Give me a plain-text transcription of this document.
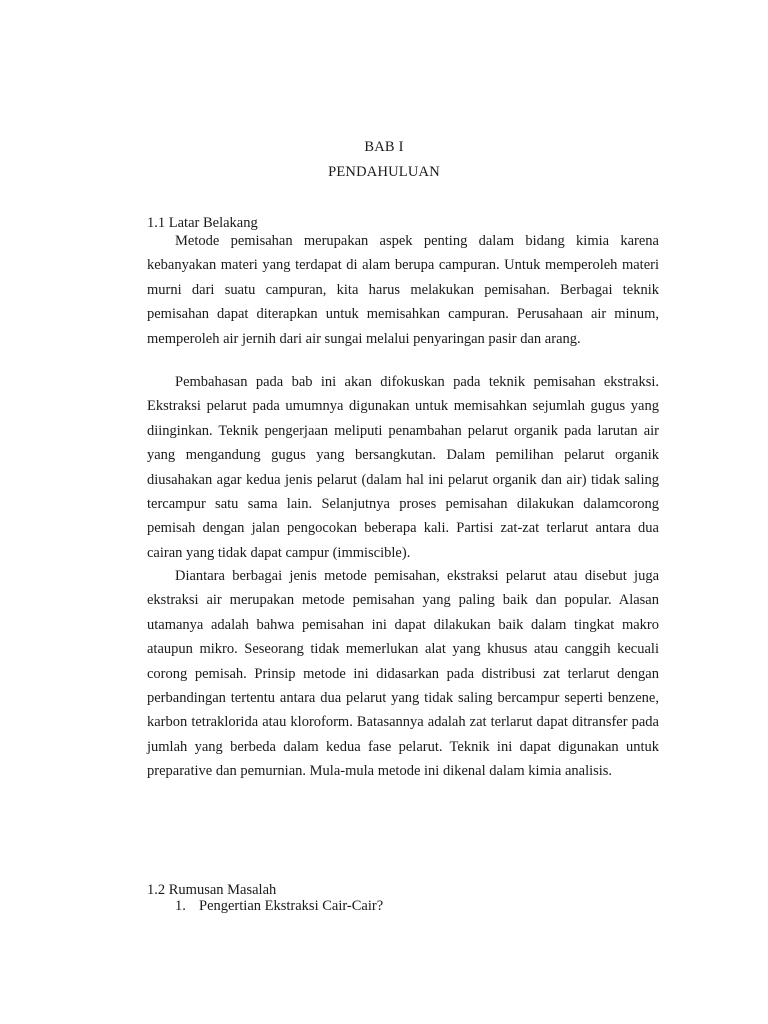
BAB I
PENDAHULUAN
1.1 Latar Belakang

Metode pemisahan merupakan aspek penting dalam bidang kimia karena kebanyakan materi yang terdapat di alam berupa campuran. Untuk memperoleh materi murni dari suatu campuran, kita harus melakukan pemisahan. Berbagai teknik pemisahan dapat diterapkan untuk memisahkan campuran. Perusahaan air minum, memperoleh air jernih dari air sungai melalui penyaringan pasir dan arang.

Pembahasan pada bab ini akan difokuskan pada teknik pemisahan ekstraksi. Ekstraksi pelarut pada umumnya digunakan untuk memisahkan sejumlah gugus yang diinginkan. Teknik pengerjaan meliputi penambahan pelarut organik pada larutan air yang mengandung gugus yang bersangkutan. Dalam pemilihan pelarut organik diusahakan agar kedua jenis pelarut (dalam hal ini pelarut organik dan air) tidak saling tercampur satu sama lain. Selanjutnya proses pemisahan dilakukan dalamcorong pemisah dengan jalan pengocokan beberapa kali. Partisi zat-zat terlarut antara dua cairan yang tidak dapat campur (immiscible).

Diantara berbagai jenis metode pemisahan, ekstraksi pelarut atau disebut juga ekstraksi air merupakan metode pemisahan yang paling baik dan popular. Alasan utamanya adalah bahwa pemisahan ini dapat dilakukan baik dalam tingkat makro ataupun mikro. Seseorang tidak memerlukan alat yang khusus atau canggih kecuali corong pemisah. Prinsip metode ini didasarkan pada distribusi zat terlarut dengan perbandingan tertentu antara dua pelarut yang tidak saling bercampur seperti benzene, karbon tetraklorida atau kloroform. Batasannya adalah zat terlarut dapat ditransfer pada jumlah yang berbeda dalam kedua fase pelarut. Teknik ini dapat digunakan untuk preparative dan pemurnian. Mula-mula metode ini dikenal dalam kimia analisis.

1.2 Rumusan Masalah
1. Pengertian Ekstraksi Cair-Cair?
